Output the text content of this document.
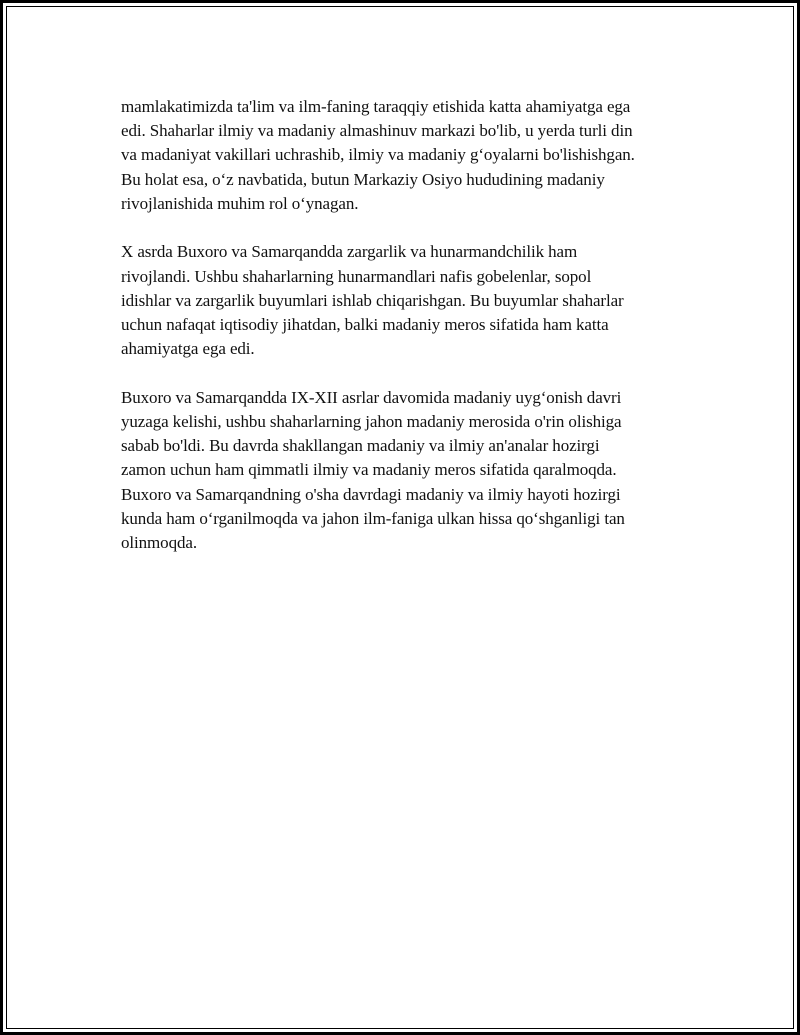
mamlakatimizda ta'lim va ilm-faning taraqqiy etishida katta ahamiyatga ega
edi. Shaharlar ilmiy va madaniy almashinuv markazi bo'lib, u yerda turli din
va madaniyat vakillari uchrashib, ilmiy va madaniy gʻoyalarni bo'lishishgan.
Bu holat esa, oʻz navbatida, butun Markaziy Osiyo hududining madaniy
rivojlanishida muhim rol oʻynagan.

X asrda Buxoro va Samarqandda zargarlik va hunarmandchilik ham
rivojlandi. Ushbu shaharlarning hunarmandlari nafis gobelenlar, sopol
idishlar va zargarlik buyumlari ishlab chiqarishgan. Bu buyumlar shaharlar
uchun nafaqat iqtisodiy jihatdan, balki madaniy meros sifatida ham katta
ahamiyatga ega edi.

Buxoro va Samarqandda IX-XII asrlar davomida madaniy uygʻonish davri
yuzaga kelishi, ushbu shaharlarning jahon madaniy merosida o'rin olishiga
sabab bo'ldi. Bu davrda shakllangan madaniy va ilmiy an'analar hozirgi
zamon uchun ham qimmatli ilmiy va madaniy meros sifatida qaralmoqda.
Buxoro va Samarqandning o'sha davrdagi madaniy va ilmiy hayoti hozirgi
kunda ham oʻrganilmoqda va jahon ilm-faniga ulkan hissa qoʻshganligi tan
olinmoqda.
